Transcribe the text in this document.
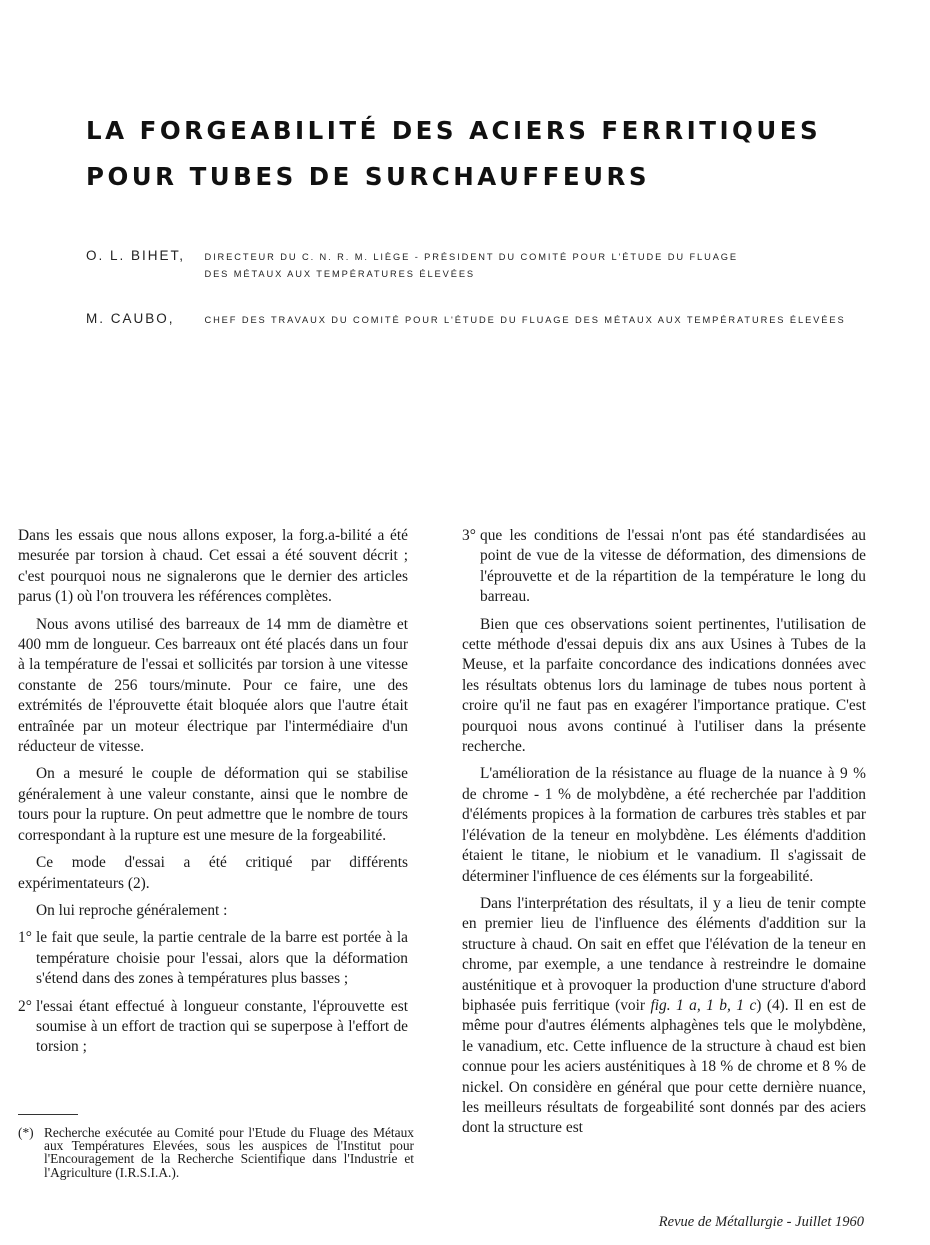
LA FORGEABILITÉ DES ACIERS FERRITIQUES
POUR TUBES DE SURCHAUFFEURS
O. L. BIHET, DIRECTEUR DU C. N. R. M. LIÈGE - PRÉSIDENT DU COMITÉ POUR L'ÉTUDE DU FLUAGE
DES MÉTAUX AUX TEMPÉRATURES ÉLEVÉES
M. CAUBO,	CHEF DES TRAVAUX DU COMITÉ POUR L'ÉTUDE DU FLUAGE DES MÉTAUX AUX TEMPÉRATURES ÉLEVÉES

Dans les essais que nous allons exposer, la forg.a-bilité a été mesurée par torsion à chaud. Cet essai a été souvent décrit ; c'est pourquoi nous ne signalerons que le dernier des articles parus (1) où l'on trouvera les références complètes.

Nous avons utilisé des barreaux de 14 mm de diamètre et 400 mm de longueur. Ces barreaux ont été placés dans un four à la température de l'essai et sollicités par torsion à une vitesse constante de 256 tours/minute. Pour ce faire, une des extrémités de l'éprouvette était bloquée alors que l'autre était entraînée par un moteur électrique par l'intermédiaire d'un réducteur de vitesse.

On a mesuré le couple de déformation qui se stabilise généralement à une valeur constante, ainsi que le nombre de tours pour la rupture. On peut admettre que le nombre de tours correspondant à la rupture est une mesure de la forgeabilité.

Ce mode d'essai a été critiqué par différents expérimentateurs (2).

On lui reproche généralement :

1° le fait que seule, la partie centrale de la barre est portée à la température choisie pour l'essai, alors que la déformation s'étend dans des zones à températures plus basses ;
2° l'essai étant effectué à longueur constante, l'éprouvette est soumise à un effort de traction qui se superpose à l'effort de torsion ;
(*) Recherche exécutée au Comité pour l'Etude du Fluage des Métaux aux Températures Elevées, sous les auspices de l'Institut pour l'Encouragement de la Recherche Scientifique dans l'Industrie et l'Agriculture (I.R.S.I.A.).
3° que les conditions de l'essai n'ont pas été standardisées au point de vue de la vitesse de déformation, des dimensions de l'éprouvette et de la répartition de la température le long du barreau.

Bien que ces observations soient pertinentes, l'utilisation de cette méthode d'essai depuis dix ans aux Usines à Tubes de la Meuse, et la parfaite concordance des indications données avec les résultats obtenus lors du laminage de tubes nous portent à croire qu'il ne faut pas en exagérer l'importance pratique. C'est pourquoi nous avons continué à l'utiliser dans la présente recherche.

L'amélioration de la résistance au fluage de la nuance à 9 % de chrome - 1 % de molybdène, a été recherchée par l'addition d'éléments propices à la formation de carbures très stables et par l'élévation de la teneur en molybdène. Les éléments d'addition étaient le titane, le niobium et le vanadium. Il s'agissait de déterminer l'influence de ces éléments sur la forgeabilité.

Dans l'interprétation des résultats, il y a lieu de tenir compte en premier lieu de l'influence des éléments d'addition sur la structure à chaud. On sait en effet que l'élévation de la teneur en chrome, par exemple, a une tendance à restreindre le domaine austénitique et à provoquer la production d'une structure d'abord biphasée puis ferritique (voir fig. 1 a, 1 b, 1 c) (4). Il en est de même pour d'autres éléments alphagènes tels que le molybdène, le vanadium, etc. Cette influence de la structure à chaud est bien connue pour les aciers austénitiques à 18 % de chrome et 8 % de nickel. On considère en général que pour cette dernière nuance, les meilleurs résultats de forgeabilité sont donnés par des aciers dont la structure est

Revue de Métallurgie - Juillet 1960
